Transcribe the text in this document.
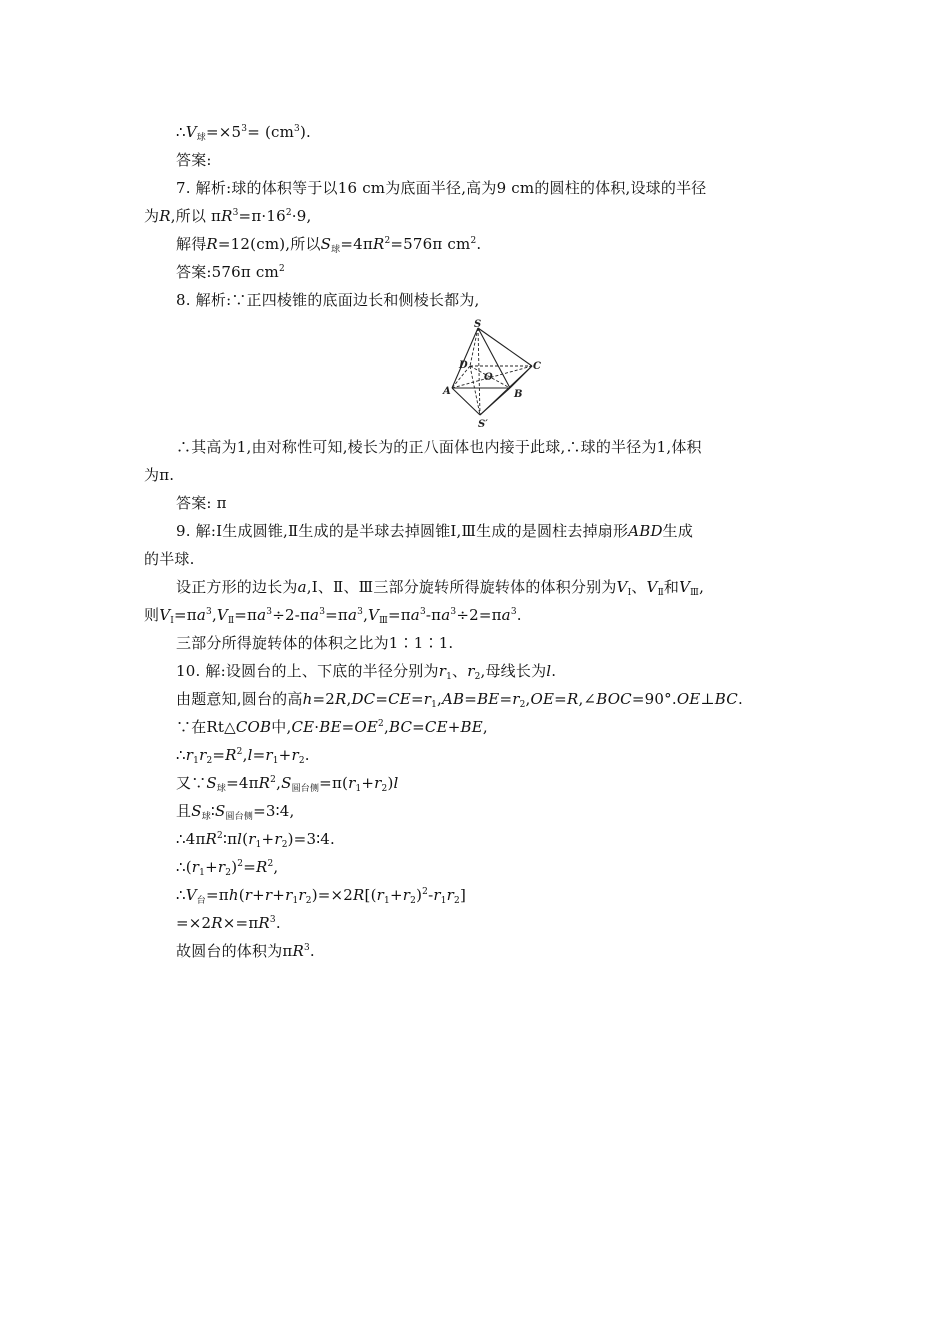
$\therefore V_球=\times 5^3= (cm^3)$.
答案:
7. 解析:球的体积等于以16 cm为底面半径,高为9 cm的圆柱的体积,设球的半径
为R,所以 $\pi R^3=\pi\cdot 16^2\cdot 9$,
解得R=12(cm),所以$S_球=4\pi R^2=576\pi$ $cm^2$.
答案:576π $cm^2$
8. 解析:∵正四棱锥的底面边长和侧棱长都为,
S
D	C
O
A	B
S′
∴其高为1,由对称性可知,棱长为的正八面体也内接于此球,∴球的半径为1,体积
为π.
答案: π
9. 解:Ⅰ生成圆锥,Ⅱ生成的是半球去掉圆锥Ⅰ,Ⅲ生成的是圆柱去掉扇形ABD生成
的半球.
设正方形的边长为a,Ⅰ、Ⅱ、Ⅲ三部分旋转所得旋转体的体积分别为$V_Ⅰ$、$V_Ⅱ$和$V_Ⅲ$,
则$V_Ⅰ=\pi a^3,V_Ⅱ=\pi a^3\div 2-\pi a^3=\pi a^3,V_Ⅲ=\pi a^3-\pi a^3\div 2=\pi a^3$.
三部分所得旋转体的体积之比为1∶1∶1.
10. 解:设圆台的上、下底的半径分别为$r_1$、$r_2$,母线长为l.
由题意知,圆台的高$h=2R,DC=CE=r_1,AB=BE=r_2,OE=R,\angle BOC=90^\circ.OE\perp BC$.
∵在Rt△COB中$,CE\cdot BE=OE^2,BC=CE+BE$,
$\therefore r_1r_2=R^2,l=r_1+r_2$.
又$\because S_球=4\pi R^2,S_{圆台侧}=\pi(r_1+r_2)l$
且$S_球∶S_{圆台侧}=3∶4$,
$\therefore 4\pi R^2∶\pi l(r_1+r_2)=3∶4$.
$\therefore(r_1+r_2)^2=R^2$,
$\therefore V_台=\pi h(r+r+r_1r_2)=\times 2R[(r_1+r_2)^2-r_1r_2]$
$=\times 2R\times=\pi R^3$.
故圆台的体积为$\pi R^3$.
